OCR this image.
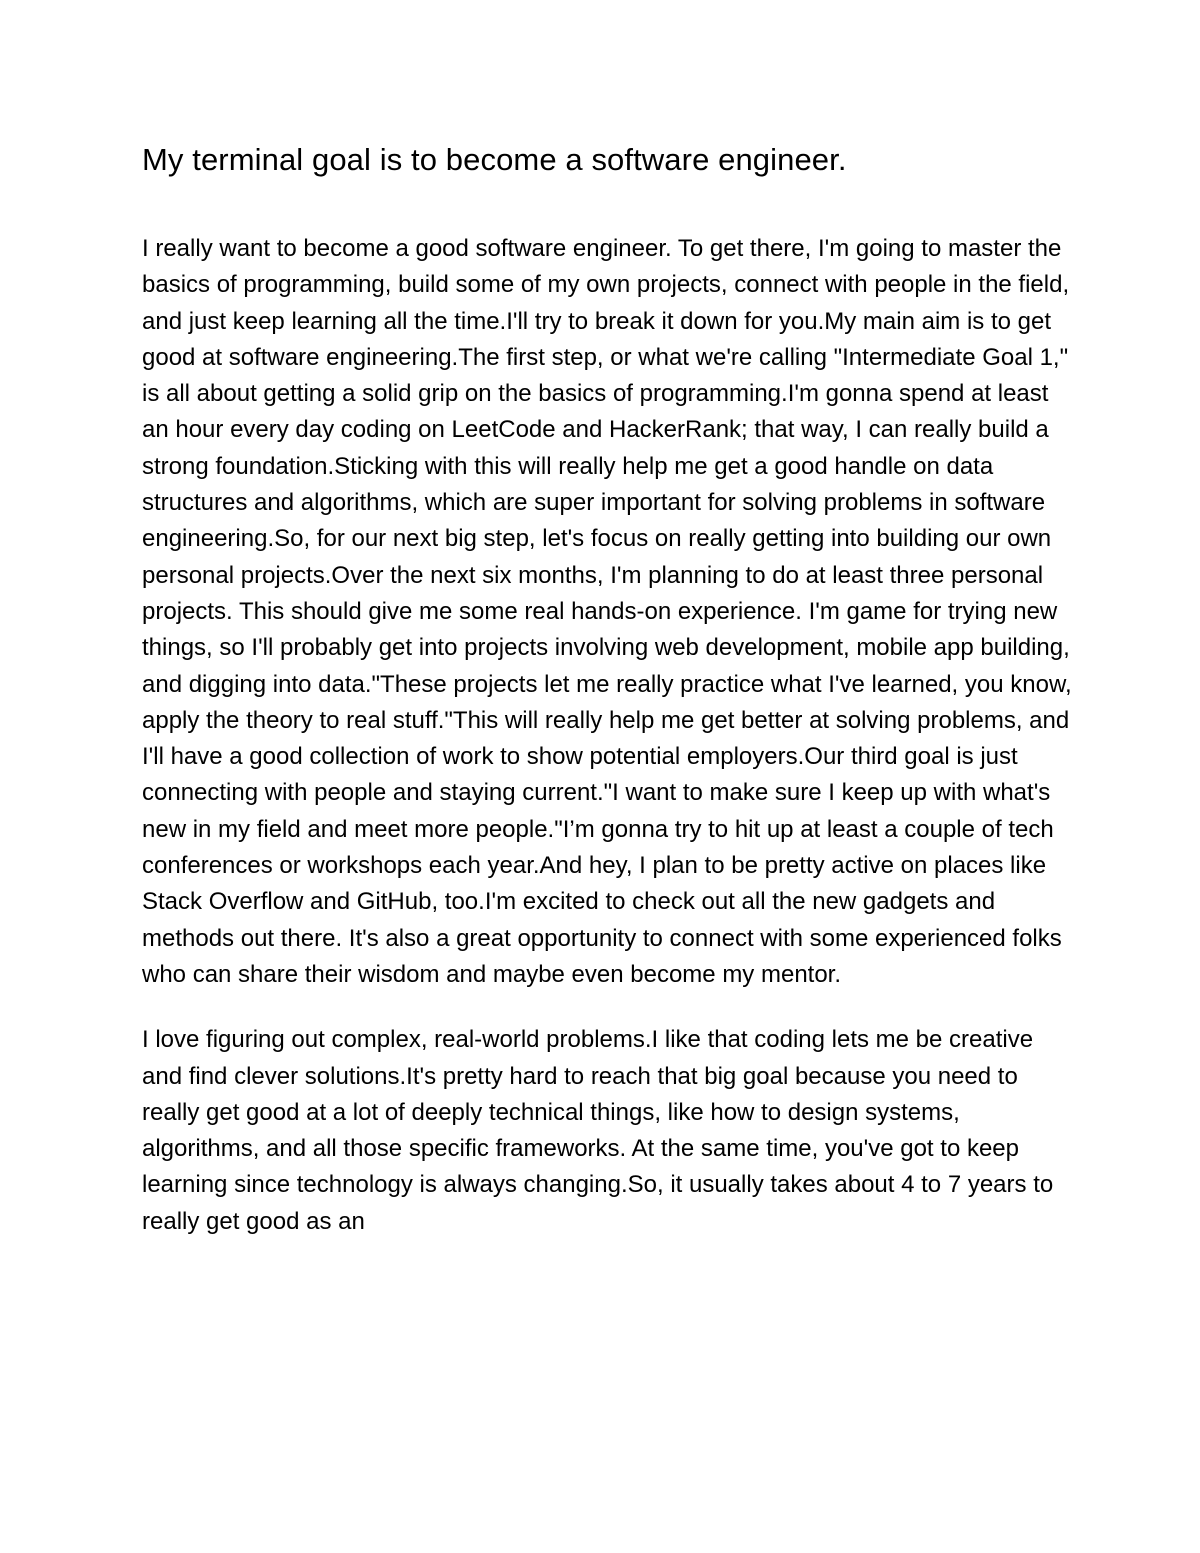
My terminal goal is to become a software engineer.

I really want to become a good software engineer. To get there, I'm going to master the basics of programming, build some of my own projects, connect with people in the field, and just keep learning all the time.I'll try to break it down for you.My main aim is to get good at software engineering.The first step, or what we're calling "Intermediate Goal 1," is all about getting a solid grip on the basics of programming.I'm gonna spend at least an hour every day coding on LeetCode and HackerRank; that way, I can really build a strong foundation.Sticking with this will really help me get a good handle on data structures and algorithms, which are super important for solving problems in software engineering.So, for our next big step, let's focus on really getting into building our own personal projects.Over the next six months, I'm planning to do at least three personal projects. This should give me some real hands-on experience. I'm game for trying new things, so I'll probably get into projects involving web development, mobile app building, and digging into data."These projects let me really practice what I've learned, you know, apply the theory to real stuff."This will really help me get better at solving problems, and I'll have a good collection of work to show potential employers.Our third goal is just connecting with people and staying current."I want to make sure I keep up with what's new in my field and meet more people."I’m gonna try to hit up at least a couple of tech conferences or workshops each year.And hey, I plan to be pretty active on places like Stack Overflow and GitHub, too.I'm excited to check out all the new gadgets and methods out there. It's also a great opportunity to connect with some experienced folks who can share their wisdom and maybe even become my mentor.

I love figuring out complex, real-world problems.I like that coding lets me be creative and find clever solutions.It's pretty hard to reach that big goal because you need to really get good at a lot of deeply technical things, like how to design systems, algorithms, and all those specific frameworks. At the same time, you've got to keep learning since technology is always changing.So, it usually takes about 4 to 7 years to really get good as an
